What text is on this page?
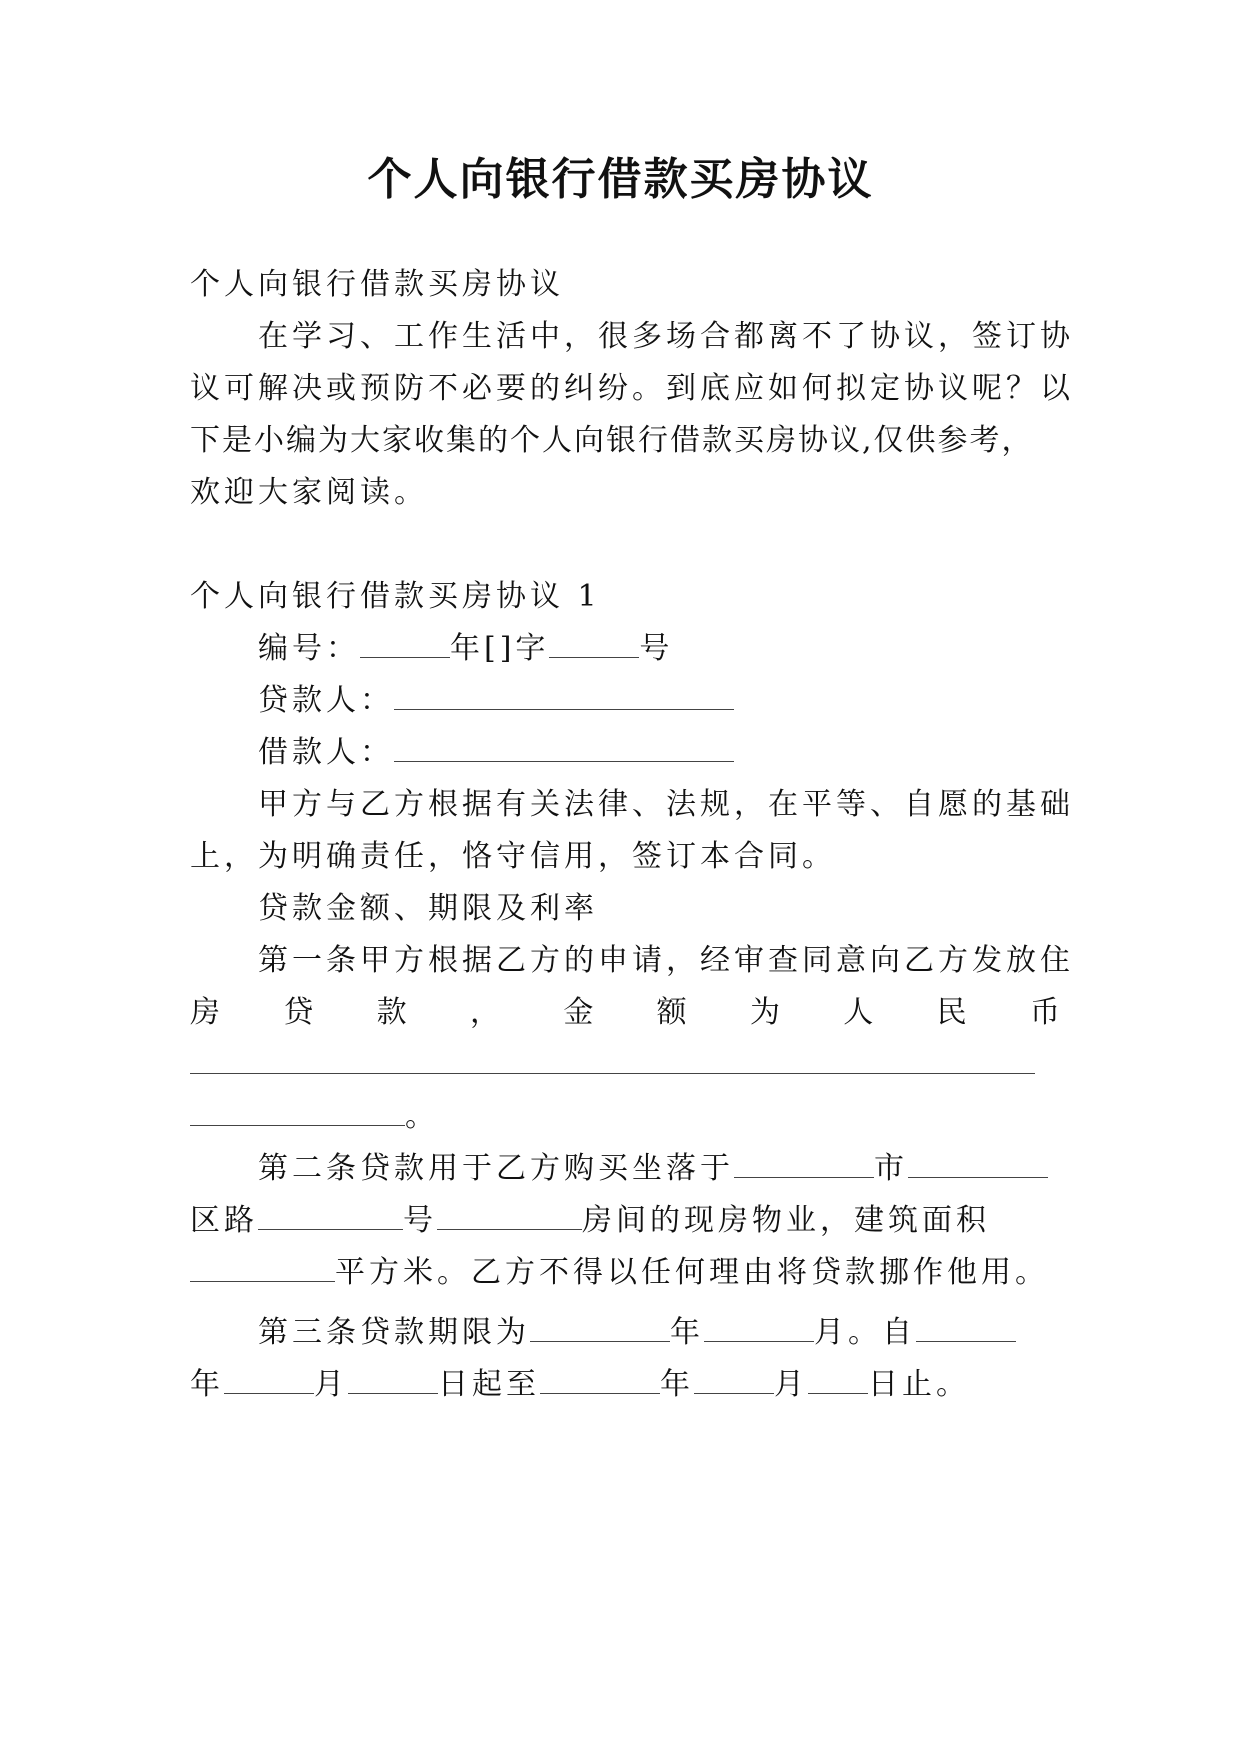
个人向银行借款买房协议
个人向银行借款买房协议
在学习、工作生活中，很多场合都离不了协议，签订协
议可解决或预防不必要的纠纷。到底应如何拟定协议呢？以
下是小编为大家收集的个人向银行借款买房协议,仅供参考，
欢迎大家阅读。
个人向银行借款买房协议 1
编号：	年[]字	号
贷款人：
借款人：
甲方与乙方根据有关法律、法规，在平等、自愿的基础
上，为明确责任，恪守信用，签订本合同。
贷款金额、期限及利率
第一条甲方根据乙方的申请，经审查同意向乙方发放住
房 贷 款 ， 金 额 为 人 民 币
。
第二条贷款用于乙方购买坐落于	市
区路	号	房间的现房物业，建筑面积
平方米。乙方不得以任何理由将贷款挪作他用。
第三条贷款期限为	年	月。自
年	月	日起至	年	月 日止。
